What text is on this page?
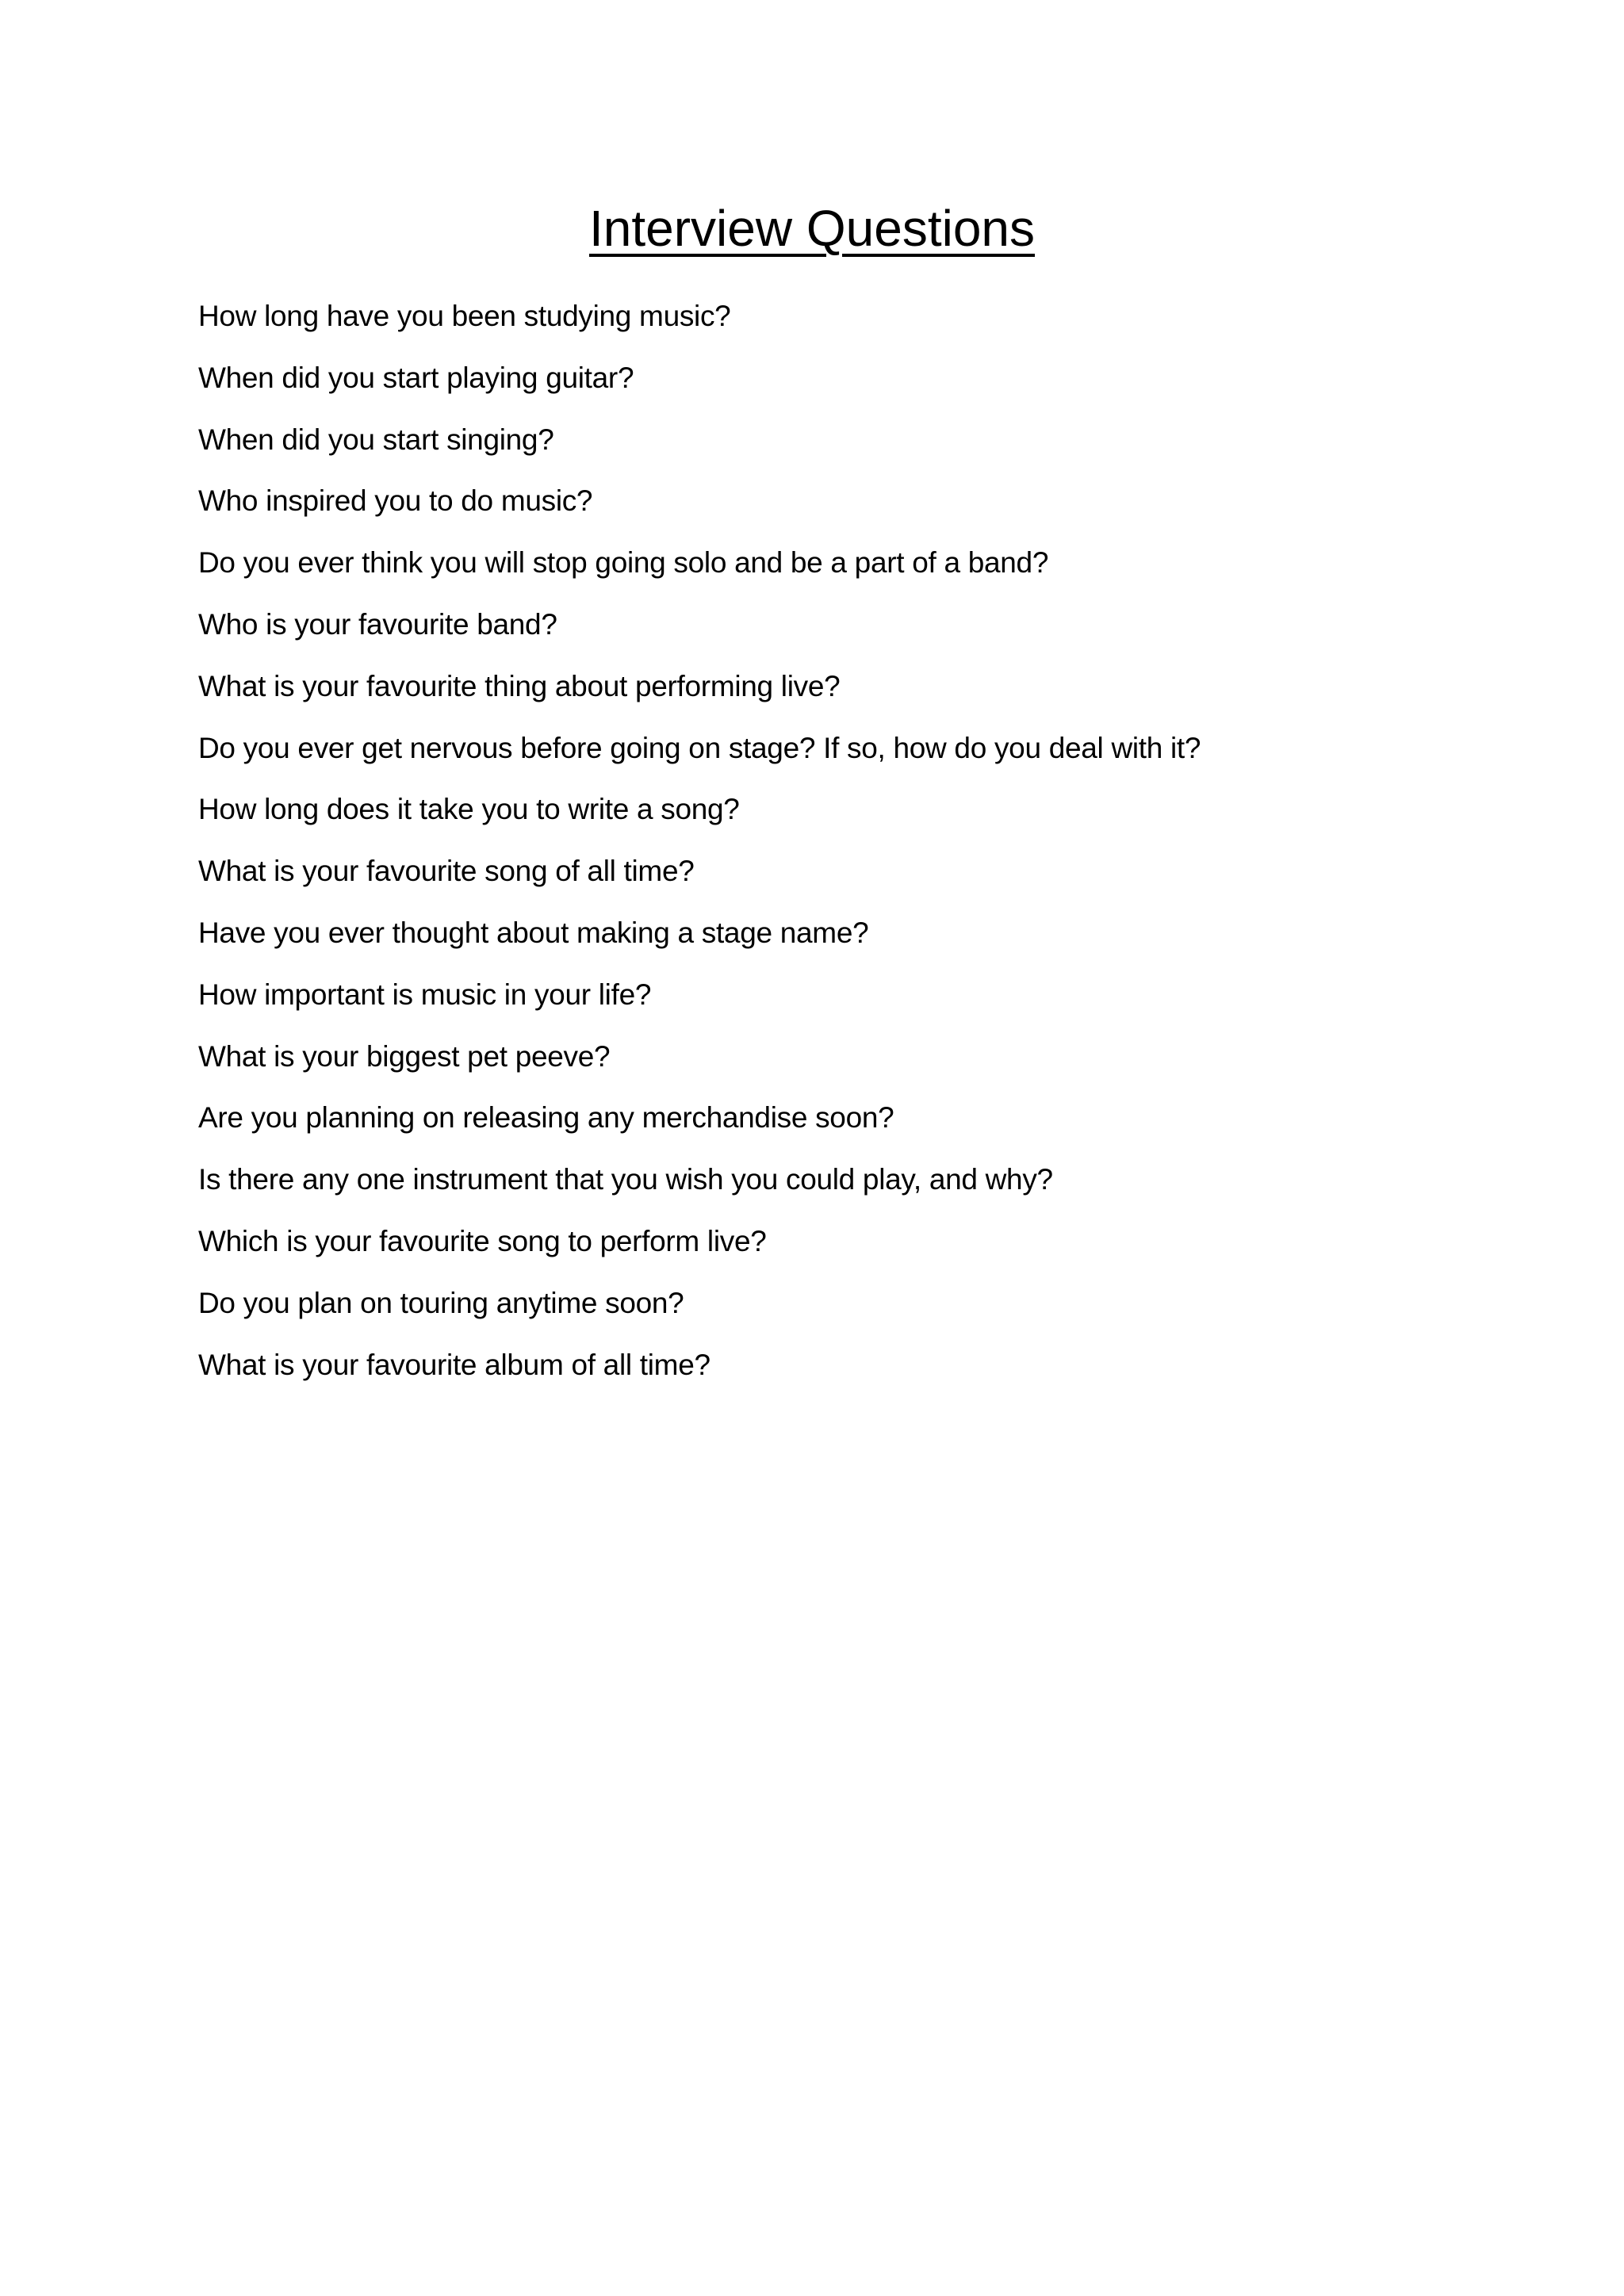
Interview Questions
How long have you been studying music?
When did you start playing guitar?
When did you start singing?
Who inspired you to do music?
Do you ever think you will stop going solo and be a part of a band?
Who is your favourite band?
What is your favourite thing about performing live?
Do you ever get nervous before going on stage? If so, how do you deal with it?
How long does it take you to write a song?
What is your favourite song of all time?
Have you ever thought about making a stage name?
How important is music in your life?
What is your biggest pet peeve?
Are you planning on releasing any merchandise soon?
Is there any one instrument that you wish you could play, and why?
Which is your favourite song to perform live?
Do you plan on touring anytime soon?
What is your favourite album of all time?
